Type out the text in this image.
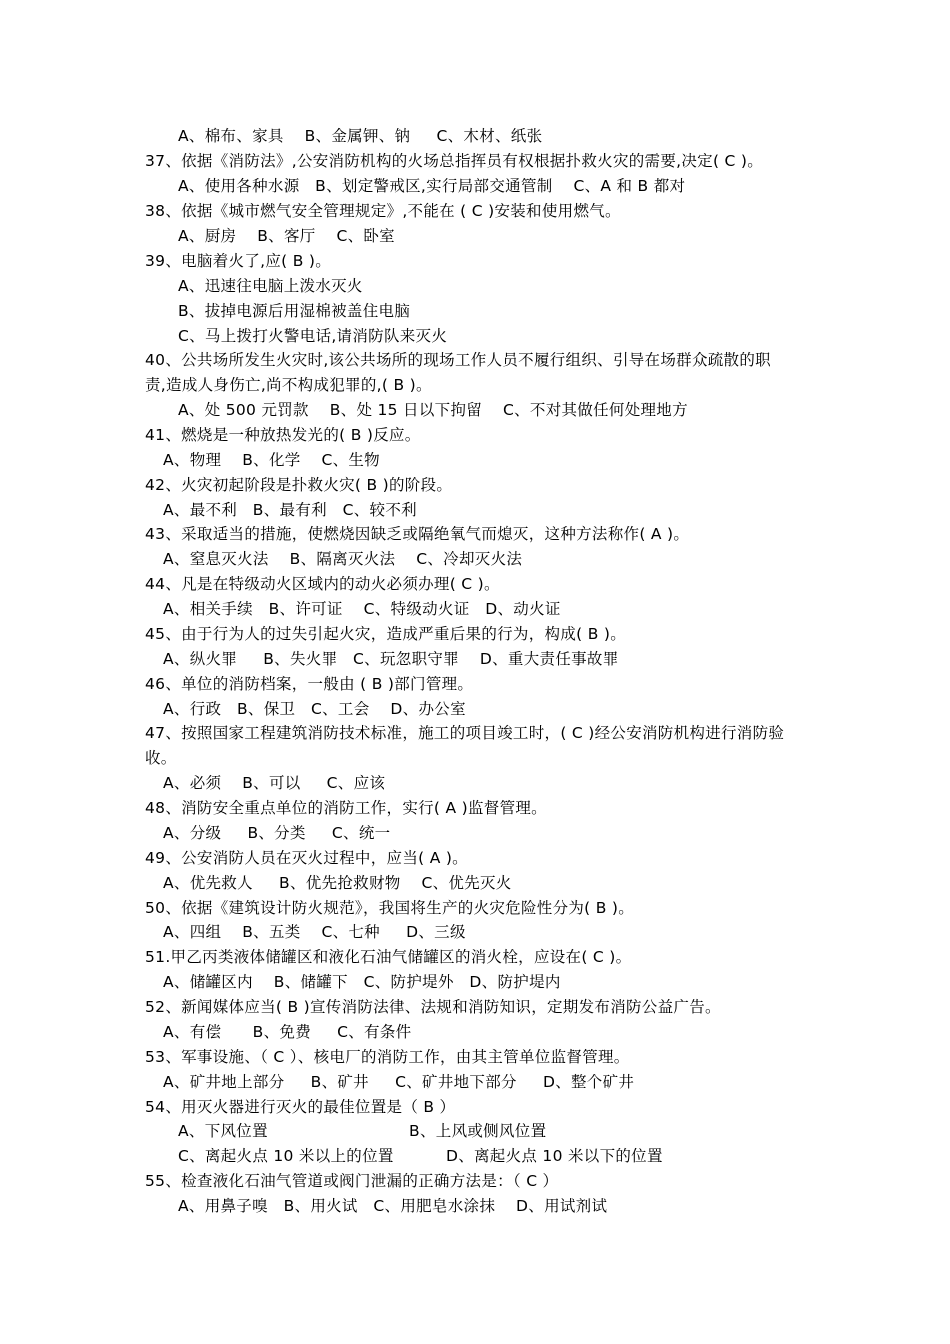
A、棉布、家具    B、金属钾、钠     C、木材、纸张
37、依据《消防法》,公安消防机构的火场总指挥员有权根据扑救火灾的需要,决定( C )。
A、使用各种水源   B、划定警戒区,实行局部交通管制    C、A 和 B 都对
38、依据《城市燃气安全管理规定》,不能在 ( C )安装和使用燃气。
A、厨房    B、客厅    C、卧室
39、电脑着火了,应( B )。
A、迅速往电脑上泼水灭火
B、拔掉电源后用湿棉被盖住电脑
C、马上拨打火警电话,请消防队来灭火
40、公共场所发生火灾时,该公共场所的现场工作人员不履行组织、引导在场群众疏散的职
责,造成人身伤亡,尚不构成犯罪的,( B )。
A、处 500 元罚款    B、处 15 日以下拘留    C、不对其做任何处理地方
41、燃烧是一种放热发光的( B )反应。
A、物理    B、化学    C、生物
42、火灾初起阶段是扑救火灾( B )的阶段。
A、最不利   B、最有利   C、较不利
43、采取适当的措施，使燃烧因缺乏或隔绝氧气而熄灭，这种方法称作( A )。
A、窒息灭火法    B、隔离灭火法    C、冷却灭火法
44、凡是在特级动火区域内的动火必须办理( C )。
A、相关手续   B、许可证    C、特级动火证   D、动火证
45、由于行为人的过失引起火灾，造成严重后果的行为，构成( B )。
A、纵火罪     B、失火罪   C、玩忽职守罪    D、重大责任事故罪
46、单位的消防档案，一般由 ( B )部门管理。
A、行政   B、保卫   C、工会    D、办公室
47、按照国家工程建筑消防技术标准，施工的项目竣工时，( C )经公安消防机构进行消防验
收。
A、必须    B、可以     C、应该
48、消防安全重点单位的消防工作，实行( A )监督管理。
A、分级     B、分类     C、统一
49、公安消防人员在灭火过程中，应当( A )。
A、优先救人     B、优先抢救财物    C、优先灭火
50、依据《建筑设计防火规范》，我国将生产的火灾危险性分为( B )。
A、四组    B、五类    C、七种     D、三级
51.甲乙丙类液体储罐区和液化石油气储罐区的消火栓，应设在( C )。
A、储罐区内    B、储罐下   C、防护堤外   D、防护堤内
52、新闻媒体应当( B )宣传消防法律、法规和消防知识，定期发布消防公益广告。
A、有偿      B、免费     C、有条件
53、军事设施、（ C ）、核电厂的消防工作，由其主管单位监督管理。
A、矿井地上部分     B、矿井     C、矿井地下部分     D、整个矿井
54、用灭火器进行灭火的最佳位置是（ B ）
A、下风位置                           B、上风或侧风位置
C、离起火点 10 米以上的位置          D、离起火点 10 米以下的位置
55、检查液化石油气管道或阀门泄漏的正确方法是：（ C ）
A、用鼻子嗅   B、用火试   C、用肥皂水涂抹    D、用试剂试
